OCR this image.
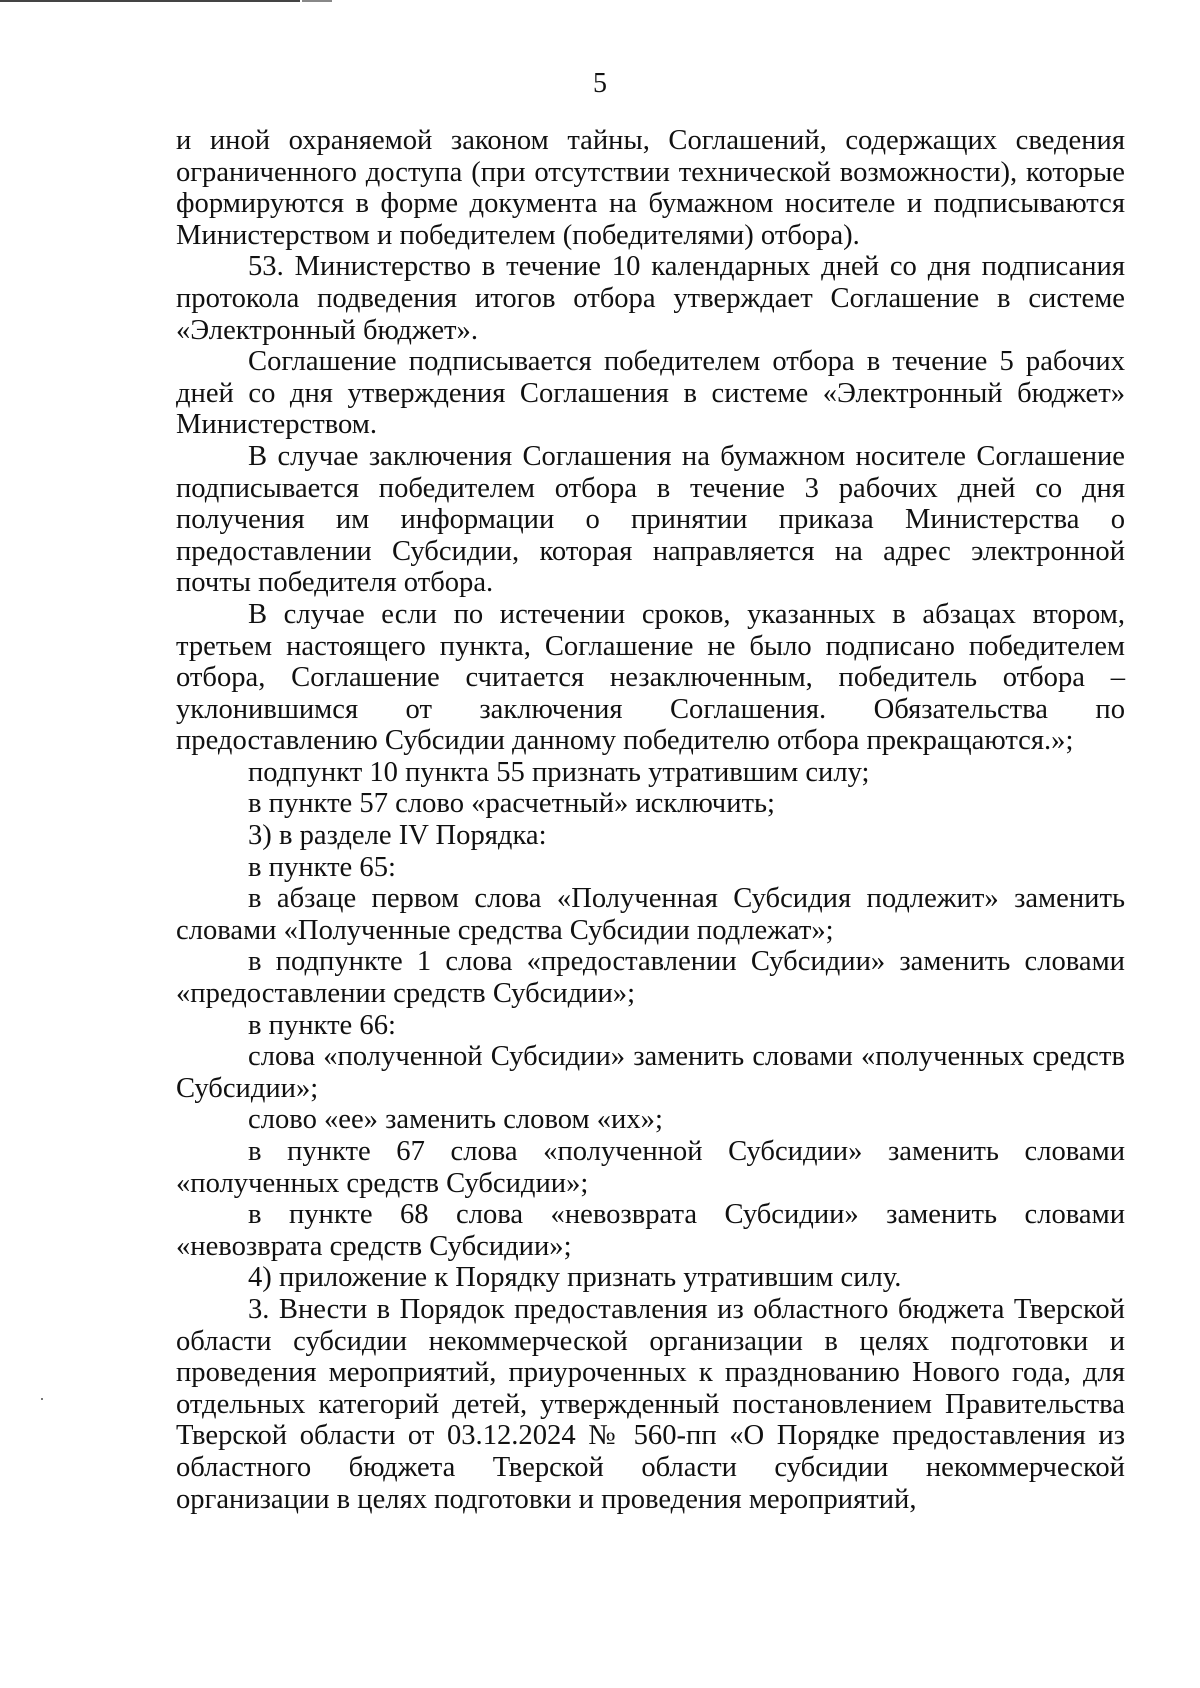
5

и иной охраняемой законом тайны, Соглашений, содержащих сведения ограниченного доступа (при отсутствии технической возможности), которые формируются в форме документа на бумажном носителе и подписываются Министерством и победителем (победителями) отбора).

53. Министерство в течение 10 календарных дней со дня подписания протокола подведения итогов отбора утверждает Соглашение в системе «Электронный бюджет».

Соглашение подписывается победителем отбора в течение 5 рабочих дней со дня утверждения Соглашения в системе «Электронный бюджет» Министерством.

В случае заключения Соглашения на бумажном носителе Соглашение подписывается победителем отбора в течение 3 рабочих дней со дня получения им информации о принятии приказа Министерства о предоставлении Субсидии, которая направляется на адрес электронной почты победителя отбора.

В случае если по истечении сроков, указанных в абзацах втором, третьем настоящего пункта, Соглашение не было подписано победителем отбора, Соглашение считается незаключенным, победитель отбора – уклонившимся от заключения Соглашения. Обязательства по предоставлению Субсидии данному победителю отбора прекращаются.»;

подпункт 10 пункта 55 признать утратившим силу;

в пункте 57 слово «расчетный» исключить;

3) в разделе IV Порядка:

в пункте 65:

в абзаце первом слова «Полученная Субсидия подлежит» заменить словами «Полученные средства Субсидии подлежат»;

в подпункте 1 слова «предоставлении Субсидии» заменить словами «предоставлении средств Субсидии»;

в пункте 66:

слова «полученной Субсидии» заменить словами «полученных средств Субсидии»;

слово «ее» заменить словом «их»;

в пункте 67 слова «полученной Субсидии» заменить словами «полученных средств Субсидии»;

в пункте 68 слова «невозврата Субсидии» заменить словами «невозврата средств Субсидии»;

4) приложение к Порядку признать утратившим силу.

3. Внести в Порядок предоставления из областного бюджета Тверской области субсидии некоммерческой организации в целях подготовки и проведения мероприятий, приуроченных к празднованию Нового года, для отдельных категорий детей, утвержденный постановлением Правительства Тверской области от 03.12.2024 № 560-пп «О Порядке предоставления из областного бюджета Тверской области субсидии некоммерческой организации в целях подготовки и проведения мероприятий,
